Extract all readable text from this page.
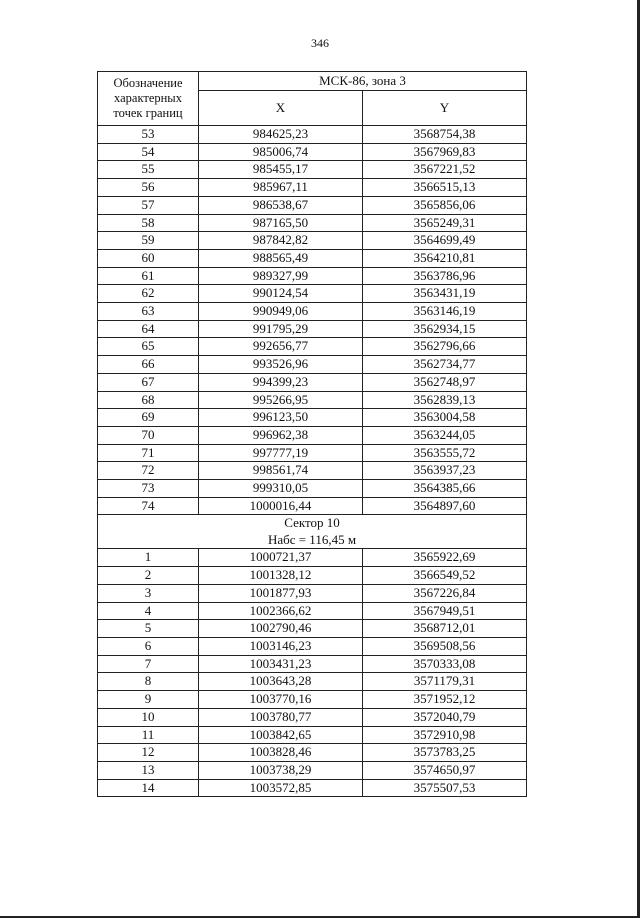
346
Обозначение характерных точек границ	МСК-86, зона 3	
	X	Y
53	984625,23	3568754,38
54	985006,74	3567969,83
55	985455,17	3567221,52
56	985967,11	3566515,13
57	986538,67	3565856,06
58	987165,50	3565249,31
59	987842,82	3564699,49
60	988565,49	3564210,81
61	989327,99	3563786,96
62	990124,54	3563431,19
63	990949,06	3563146,19
64	991795,29	3562934,15
65	992656,77	3562796,66
66	993526,96	3562734,77
67	994399,23	3562748,97
68	995266,95	3562839,13
69	996123,50	3563004,58
70	996962,38	3563244,05
71	997777,19	3563555,72
72	998561,74	3563937,23
73	999310,05	3564385,66
74	1000016,44	3564897,60

Сектор 10
Набс = 116,45 м		

1	1000721,37	3565922,69
2	1001328,12	3566549,52
3	1001877,93	3567226,84
4	1002366,62	3567949,51
5	1002790,46	3568712,01
6	1003146,23	3569508,56
7	1003431,23	3570333,08
8	1003643,28	3571179,31
9	1003770,16	3571952,12
10	1003780,77	3572040,79
11	1003842,65	3572910,98
12	1003828,46	3573783,25
13	1003738,29	3574650,97
14	1003572,85	3575507,53
